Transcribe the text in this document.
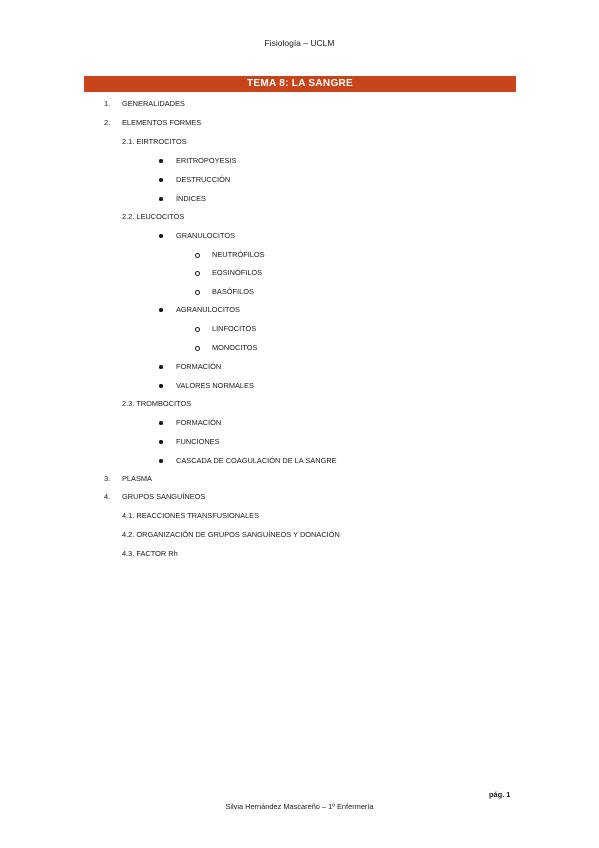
Fisiología – UCLM
TEMA 8: LA SANGRE
1. GENERALIDADES
2. ELEMENTOS FORMES
2.1. EIRTROCITOS
ERITROPOYESIS
DESTRUCCIÓN
ÍNDICES
2.2. LEUCOCITOS
GRANULOCITOS
NEUTRÓFILOS
EOSINÓFILOS
BASÓFILOS
AGRANULOCITOS
LINFOCITOS
MONOCITOS
FORMACIÓN
VALORES NORMALES
2.3. TROMBOCITOS
FORMACIÓN
FUNCIONES
CASCADA DE COAGULACIÓN DE LA SANGRE
3. PLASMA
4. GRUPOS SANGUÍNEOS
4.1. REACCIONES TRANSFUSIONALES
4.2. ORGANIZACIÓN DE GRUPOS SANGUÍNEOS Y DONACIÓN
4.3. FACTOR Rh
pág. 1
Silvia Hernández Mascareño – 1º Enfermería
